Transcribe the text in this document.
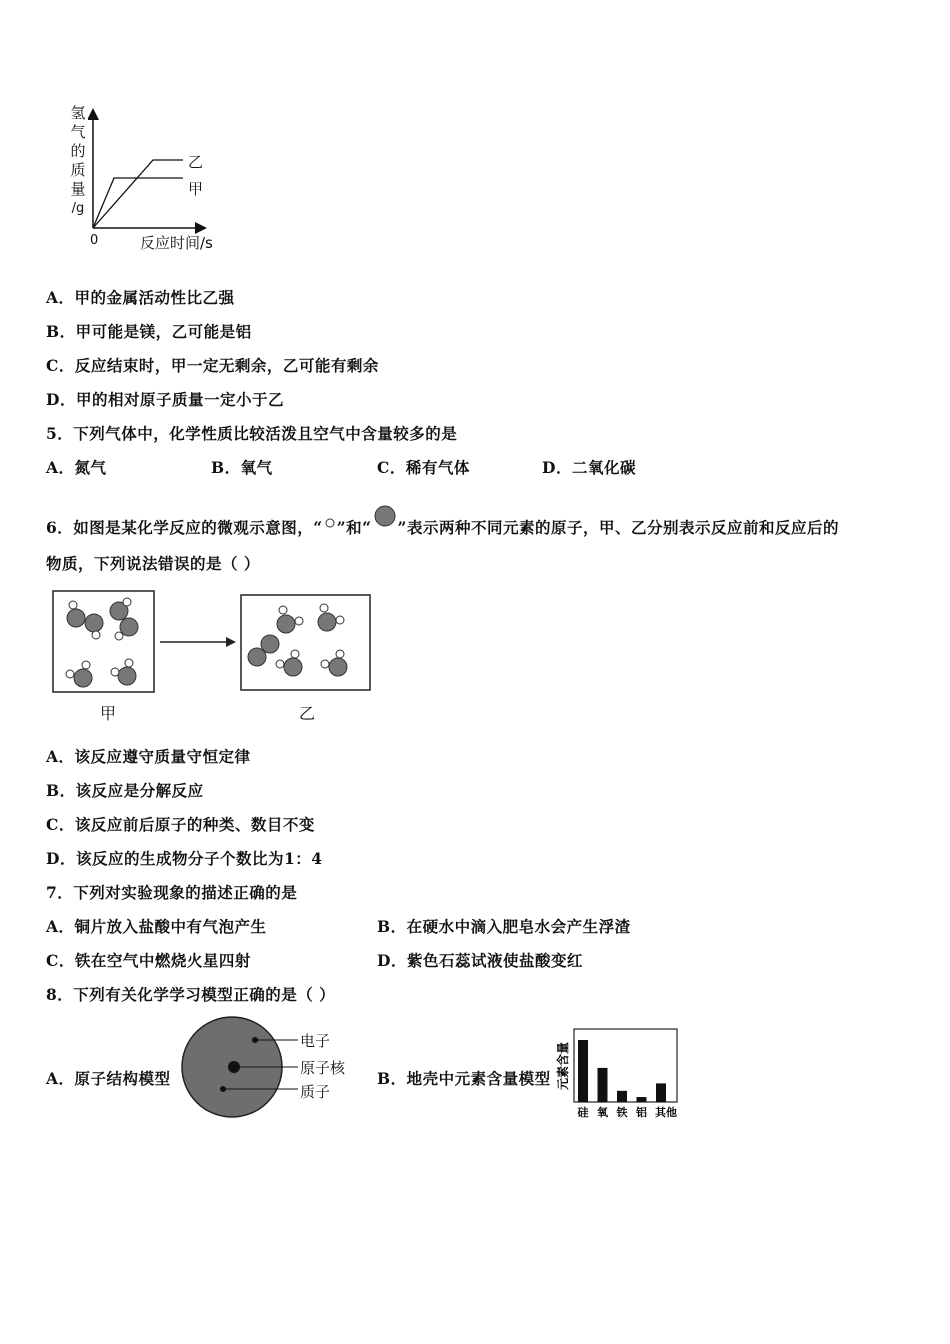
氢
气
的
质
量
/g
0	反应时间/s
乙
甲
A．甲的金属活动性比乙强
B．甲可能是镁，乙可能是铝
C．反应结束时，甲一定无剩余，乙可能有剩余
D．甲的相对原子质量一定小于乙
5．下列气体中，化学性质比较活泼且空气中含量较多的是
A．氮气	B．氧气	C．稀有气体	D．二氧化碳
6．如图是某化学反应的微观示意图，“ ”和“ ”表示两种不同元素的原子，甲、乙分别表示反应前和反应后的
物质，下列说法错误的是（ ）
甲	乙
A．该反应遵守质量守恒定律
B．该反应是分解反应
C．该反应前后原子的种类、数目不变
D．该反应的生成物分子个数比为1：4
7．下列对实验现象的描述正确的是
A．铜片放入盐酸中有气泡产生	B．在硬水中滴入肥皂水会产生浮渣
C．铁在空气中燃烧火星四射	D．紫色石蕊试液使盐酸变红
8．下列有关化学学习模型正确的是（ ）
A．原子结构模型
电子
原子核
质子
B．地壳中元素含量模型
硅 氧 铁 铝 其他
元素含量
